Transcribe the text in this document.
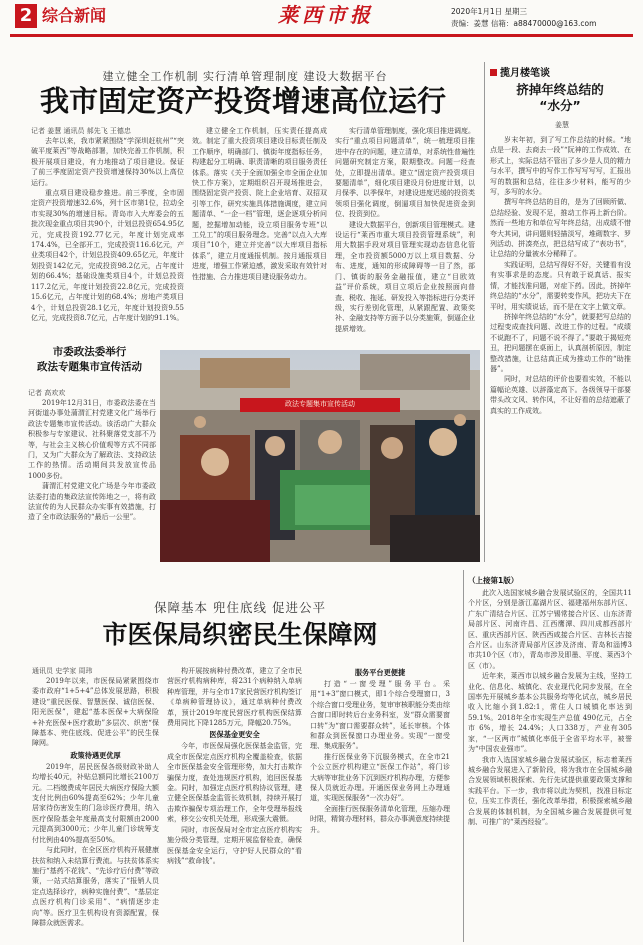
2 综合新闻	莱西市报	2020年1月1日 星期三
责编：姜慧 信箱：a88470000@163.com
建立健全工作机制 实行清单管理制度 建设大数据平台
我市固定资产投资增速高位运行
记者 姜慧 通讯员 郝先飞 王德忠

去年以来，我市紧紧围绕“学深圳赶杭州”“突破平度莱西”等战略部署，加快完善工作机制，积极开展项目建设，有力地推动了项目建设。保证了前三季度固定资产投资增速保持30%以上高位运行。

重点项目建设稳步推进。前三季度，全市固定资产投资增速32.6%，列十区市第1位，拉动全市实现30%的增速目标。青岛市入大库委会的五批次现金重点项目共90个，计划总投资654.95亿元，完成投资192.77亿元，年度计划完成率174.4%，已全部开工，完成投资116.6亿元，产业类项目42个，计划总投资409.65亿元，年度计划投资142亿元，完成投资98.2亿元，占年度计划的66.4%；基础设施类项目4个，计划总投资117.2亿元，年度计划投资22.8亿元，完成投资15.6亿元，占年度计划的68.4%；房地产类项目4个，计划总投资28.1亿元，年度计划投资9.55亿元，完成投资8.7亿元，占年度计划的91.1%。

建立健全工作机制，压实责任提高成效。制定了重大投资项目建设目标责任制及工作顺序，明确部门、镇街年度指标任务，构建起分工明确、职责清晰的项目服务责任体系。落实《关于全面加强全市全面企业加快工作方案》，定期组织召开现场推进会，围绕固定资产投资、院上企业培育、双招双引等工作，研究实施具体措施调度，建立问题清单、“一企一档”管理，逐企逐项分析问题，挖掘增加动能，设立项目服务专班“以工兑工”的项目服务理念。完善“以点入大库项目”10个，建立并完善“以大库项目指标体系”，建立月度通报机制。按月通报项目进度，增强工作紧迫感，激发采取有效针对性措施、合力推进项目建设服务动力。

实行清单管理制度，强化项目推进调度。实行“重点项目问题清单”，统一梳理项目推进中存在的问题，建立清单，对系统性普遍性问题研究制定方案，限期整改。问题一经查处，立即提出清单。建立“固定资产投资项目要题清单”，细化项目建设月份进度计划，以月保季、以季保年，对建设进度迟缓的投资类领项目强化调度，倒逼项目加快促进资金到位、投资到位。

建设大数据平台，创新项目管理模式。建设运行“莱西市重大项目投资管理系统”，利用大数据手段对项目管理实现动态信息化管理，全市投资额5000万以上项目数据、分布、进度，通知的形成障碍等一目了然，部门、镇街的服务金融报值，建立“目欧效益”评价系统，项目立项后企业按照面向普查、税收、拖延、研发投入等指标进行分类评级，实行差别化管理，从紧跟配置、政策奖补、金融支持等方面予以分类施策，倒逼企业提质增效。

揽月楼笔谈
挤掉年终总结的
“水分”
姜慧

岁末年初，到了写工作总结的时候。“地点是一段、去商去一段”“阮神的工作成效、在形式上，实际总结不管出了多少是人员的精力与水平，撰写中的写作工作写写写写，汇报出写的数据和总结，往往多少材料，能写的少写，多写的水分。

撰写年终总结的目的，是为了回顾所做、总结经验、发现不足，推动工作再上新台阶。然而一些地方和单位写年终总结，出成绩不惜夸大其词，讲问题则轻描淡写，堆砌数字、罗列活动、拼凑亮点，把总结写成了“表功书”，让总结的分量被水分稀释了。

实践证明，总结写得好不好，关键看有没有实事求是的态度。只有敢于说真话、报实情，才能找准问题，对症下药。因此，挤掉年终总结的“水分”，需要转变作风，把功夫下在平时，用实绩说话，而不是在文字上做文章。

挤掉年终总结的“水分”，就要把写总结的过程变成查找问题、改进工作的过程。“成绩不说跑不了，问题不说不得了。”要敢于揭短亮丑，把问题摆在桌面上，认真剖析原因，制定整改措施，让总结真正成为推动工作的“助推器”。

同时，对总结的评价也要看实效，不能以篇幅论英雄、以辞藻定高下。各级领导干部要带头改文风、转作风，不让好看的总结遮蔽了真实的工作成效。

市委政法委举行
政法专题集市宣传活动
记者 高欢欢

2019年12月31日，市委政法委在当河街道办事处蒲渭汇村党建文化广场举行政法专题集市宣传活动。该活动广大群众积极参与专家建议、社科聚落党支部不乃等，与社会主义核心价值观等方式不同部门，又为广大群众为了解政法、支持政法工作的热情。活动期间共发放宣传品1000多份。

蒲渭汇村党建文化广场是今年市委政法委打造的集政法宣传阵地之一，将有政法宣传的为人民群众办实事有效措施，打造了全市政法服务的“最后一公里”。

政法专题集市宣传活动
保障基本 兜住底线 促进公平
市医保局织密民生保障网
通讯员 史学家 周玮

2019年以来，市医保局紧紧围绕市委市政府“1+5+4”总体发展思路，积极建设“重民医保、智慧医保、诚信医保、阳光医保”，建起“基本医保+大病保险+补充医保+医疗救助”多层次、织密“保障基本、兜住底线、促进公平”的民生保障网。

政策待遇更优厚

2019年，居民医保各级财政补助人均增长40元，补贴总额同比增长2100万元。二档缴费成年居民大病医疗保险大额支付比例由60%提高至62%；少年儿童居家待伤害发生的门急诊医疗费用，纳入医疗保险基金年度最高支付限额由2000元提高到3000元；少年儿童门诊统筹支付比例由40%提高至50%。

与此同时，在全区医疗机构开展健康扶贫和纳入未结算行费流。与扶贫体系实施行“基药不花钱”、“先诊疗后付费”等政策，一站式结算服务，落实了“报销人员定点选择诊疗，病种实施付费”、“基层定点医疗机构门诊采用”、“病情逐步走向”等。医疗卫生机构设有资源配置，保障群众就医需求。

构开展按病种付费改革，建立了全市民营医疗机构病种库，将231个病种纳入单病种库管理，并与全市17家民营医疗机构签订《单病种管理协议》，通过单病种付费改革，预计2019年度民营医疗机构医保结算费用同比下降1285万元，降幅20.75%。

医保基金更安全

今年，市医保局强化医保基金监管，完成全市医保定点医疗机构全覆盖检查，依据全市医保基金安全管理形势，加大打击欺诈骗保力度，查处违规医疗机构，追回医保基金。同时，加强定点医疗机构协议管理，建立健全医保基金监管长效机制，持续开展打击欺诈骗保专项治理工作，全年受理举报线索，移交公安机关处理，形成强大震慑。

同时，市医保局对全市定点医疗机构实施分级分类管理，定期开展监督检查，确保医保基金安全运行，守护好人民群众的“看病钱”“救命钱”。

服务平台更便捷

打造“一窗受理”服务平台。采用“1+3”窗口模式，即1个综合受理窗口，3个综合窗口受理业务，复审审核职能分类由综合窗口即时转后台业务科室，发“群众需要窗口转”为“窗口需要群众转”，延长审核。个体和群众到医保窗口办理业务。实现“一窗受理、集成服务”。

推行医保业务下沉服务模式，在全市21个公立医疗机构建立“医保工作站”，将门诊大病等审批业务下沉到医疗机构办理，方便参保人员就近办理。开通医保业务网上办理通道，实现医保服务“一次办好”。

全面推行医保服务清单化管理，压缩办理时限，精简办理材料，群众办事满意度持续提升。

（上接第1版）

此次入选国家城乡融合发展试验区的，全国共11个片区，分别是浙江嘉湖片区、福建福州东部片区、广东广清结合片区、江苏宁锡常接合片区、山东济青局部片区、河南许昌、江西鹰潭、四川成都西部片区、重庆西部片区、陕西西咸接合片区、吉林长吉接合片区。山东济青局部片区涉及济南、青岛和淄博3市共10个区（市），青岛市涉及即墨、平度、莱西3个区（市）。

近年来，莱西市以城乡融合发展为主线，坚持工业化、信息化、城镇化、农业现代化同步发展，在全国率先开展城乡基本公共服务均等化试点，城乡居民收入比缩小到1.82:1，常住人口城镇化率达到59.1%。2018年全市实现生产总值 490亿元，占全市 6%，增长 24.4%；人口338万，产业有305家，“一区两市”城镇化率低于全省平均水平，被誉为“中国农业强市”。

我市入选国家城乡融合发展试验区，标志着莱西城乡融合发展进入了新阶段，将为我市在全国城乡融合发展领域积极探索、先行先试提供重要政策支撑和实践平台。下一步，我市将以此为契机，找准目标定位，压实工作责任，强化改革举措，积极探索城乡融合发展的体制机制，为全国城乡融合发展提供可复制、可推广的“莱西经验”。
